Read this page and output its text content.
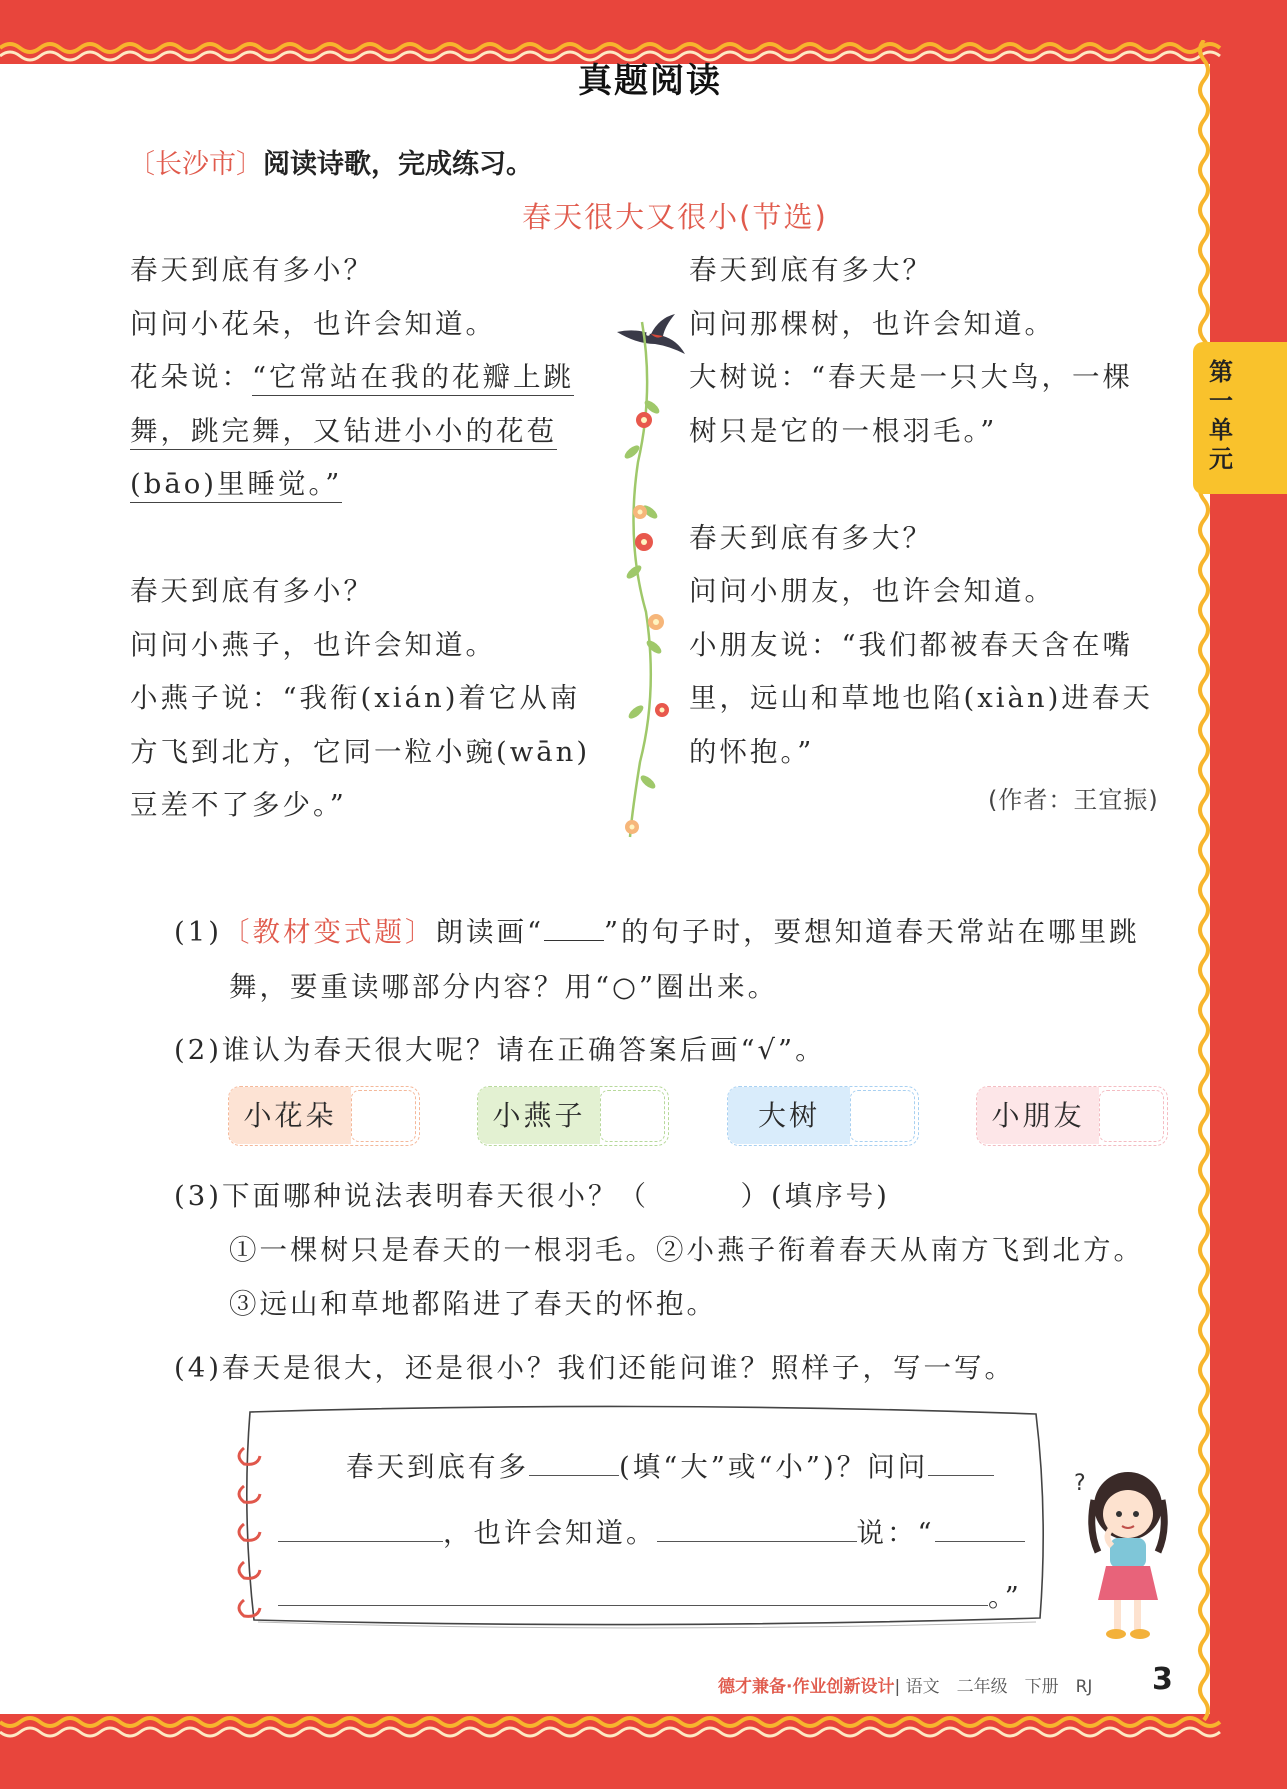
真题阅读
〔长沙市〕阅读诗歌，完成练习。
春天很大又很小(节选)
春天到底有多小？
问问小花朵，也许会知道。
花朵说：“它常站在我的花瓣上跳
舞，跳完舞，又钻进小小的花苞
(bāo)里睡觉。”
春天到底有多小？
问问小燕子，也许会知道。
小燕子说：“我衔(xián)着它从南
方飞到北方，它同一粒小豌(wān)
豆差不了多少。”
春天到底有多大？
问问那棵树，也许会知道。
大树说：“春天是一只大鸟，一棵
树只是它的一根羽毛。”
春天到底有多大？
问问小朋友，也许会知道。
小朋友说：“我们都被春天含在嘴
里，远山和草地也陷(xiàn)进春天
的怀抱。”
(作者：王宜振)
第一单元
(1)〔教材变式题〕朗读画“ ”的句子时，要想知道春天常站在哪里跳
舞，要重读哪部分内容？用“○”圈出来。
(2)谁认为春天很大呢？请在正确答案后画“√”。
小花朵	小燕子	大树	小朋友
(3)下面哪种说法表明春天很小？（　　　）(填序号)
①一棵树只是春天的一根羽毛。②小燕子衔着春天从南方飞到北方。
③远山和草地都陷进了春天的怀抱。
(4)春天是很大，还是很小？我们还能问谁？照样子，写一写。
春天到底有多	(填“大”或“小”)？问问
，也许会知道。	说：“
。”
?
德才兼备·作业创新设计| 语文　二年级　下册　RJ 3
